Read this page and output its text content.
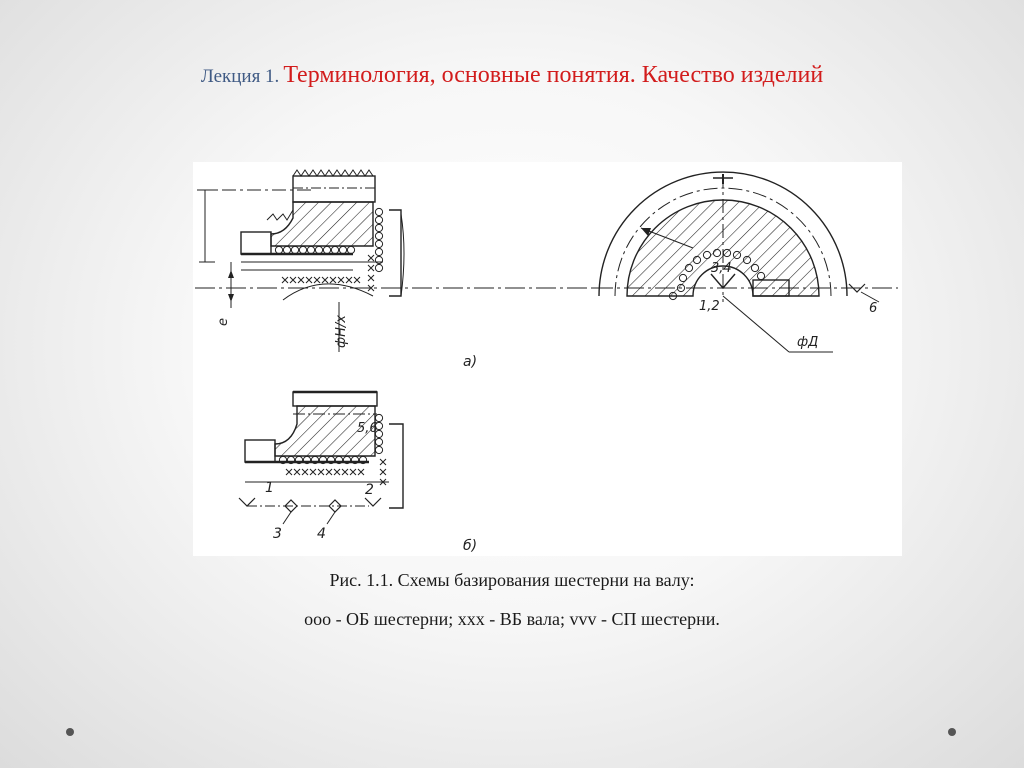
Лекция 1. Терминология, основные понятия. Качество изделий
е	фН/х
а)
фД
3,4
1,2	6
1	2
3	4
5,6
б)
Рис. 1.1. Схемы базирования шестерни на валу:
ооо - ОБ шестерни; ххх - ВБ вала; vvv - СП шестерни.
